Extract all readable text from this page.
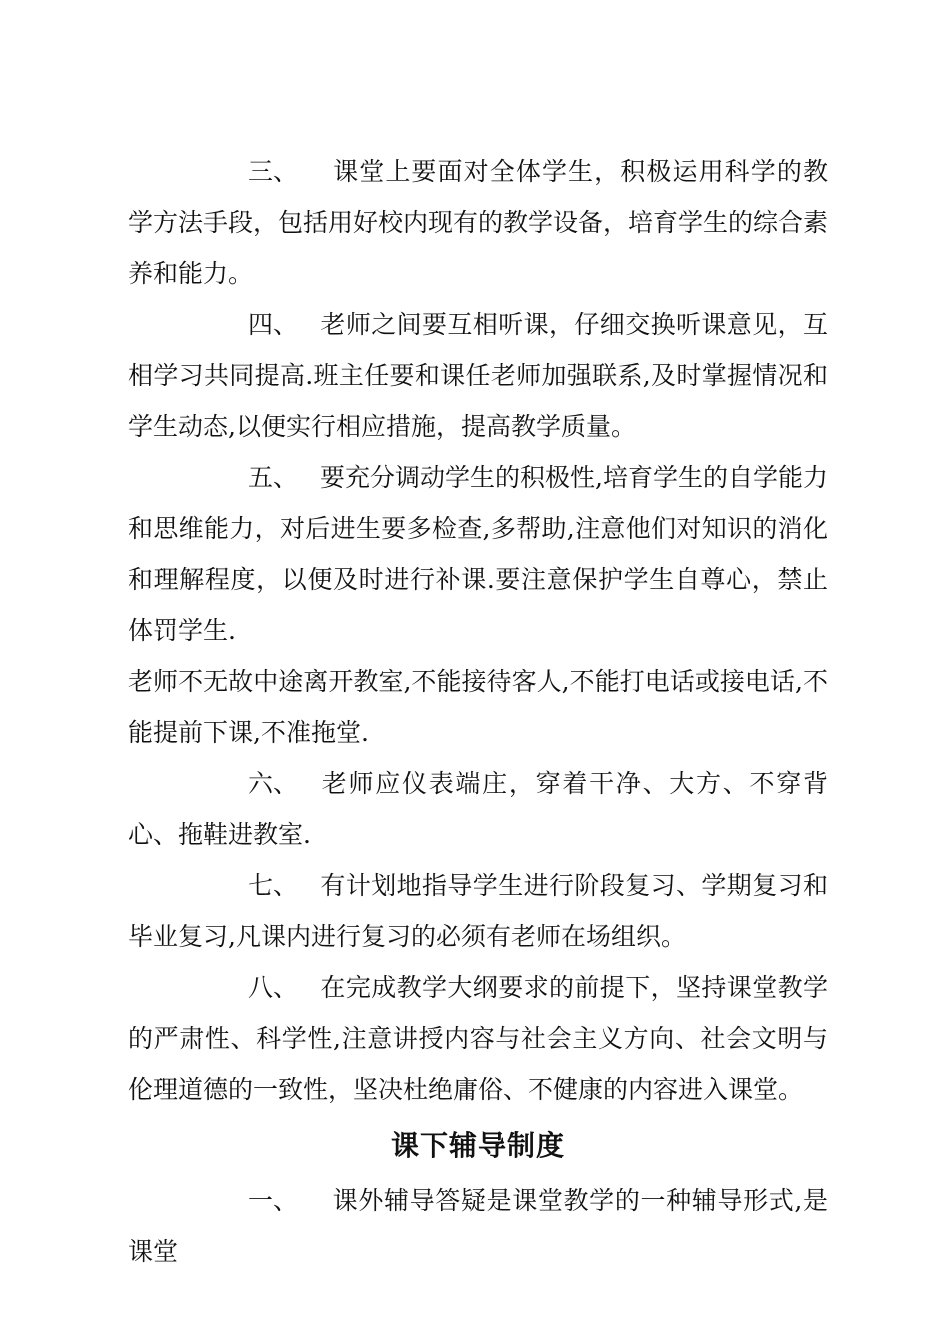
三、 课堂上要面对全体学生，积极运用科学的教学方法手段，包括用好校内现有的教学设备，培育学生的综合素养和能力。

四、 老师之间要互相听课，仔细交换听课意见，互相学习共同提高.班主任要和课任老师加强联系,及时掌握情况和学生动态,以便实行相应措施，提高教学质量。

五、 要充分调动学生的积极性,培育学生的自学能力和思维能力，对后进生要多检查,多帮助,注意他们对知识的消化和理解程度，以便及时进行补课.要注意保护学生自尊心，禁止体罚学生.

老师不无故中途离开教室,不能接待客人,不能打电话或接电话,不能提前下课,不准拖堂.

六、 老师应仪表端庄，穿着干净、大方、不穿背心、拖鞋进教室.

七、 有计划地指导学生进行阶段复习、学期复习和毕业复习,凡课内进行复习的必须有老师在场组织。

八、 在完成教学大纲要求的前提下，坚持课堂教学的严肃性、科学性,注意讲授内容与社会主义方向、社会文明与伦理道德的一致性，坚决杜绝庸俗、不健康的内容进入课堂。

课下辅导制度

一、 课外辅导答疑是课堂教学的一种辅导形式,是课堂
